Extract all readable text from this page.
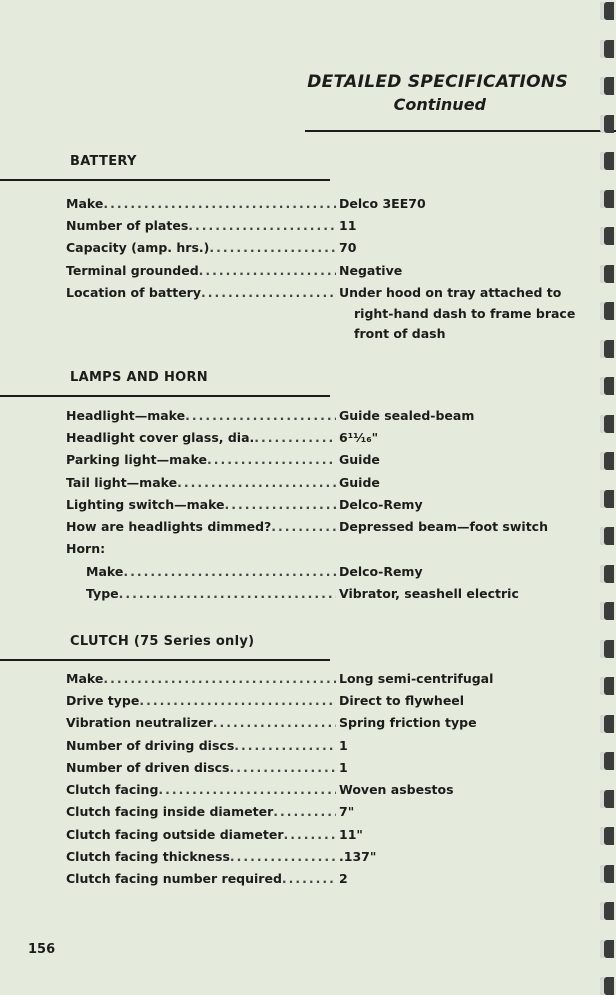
DETAILED SPECIFICATIONS
Continued
BATTERY
Make .....	Delco 3EE70
Number of plates .....	11
Capacity (amp. hrs.) .....	70
Terminal grounded .....	Negative
Location of battery .....	Under hood on tray attached to
right-hand dash to frame brace
front of dash
LAMPS AND HORN
Headlight—make .....	Guide sealed-beam
Headlight cover glass, dia. .....	6¹¹⁄₁₆"
Parking light—make .....	Guide
Tail light—make .....	Guide
Lighting switch—make .....	Delco-Remy
How are headlights dimmed? .....	Depressed beam—foot switch
Horn:
Make .....	Delco-Remy
Type .....	Vibrator, seashell electric
CLUTCH (75 Series only)
Make .....	Long semi-centrifugal
Drive type .....	Direct to flywheel
Vibration neutralizer .....	Spring friction type
Number of driving discs .....	1
Number of driven discs .....	1
Clutch facing .....	Woven asbestos
Clutch facing inside diameter .....	7"
Clutch facing outside diameter .....	11"
Clutch facing thickness .....	.137"
Clutch facing number required .....	2
156
